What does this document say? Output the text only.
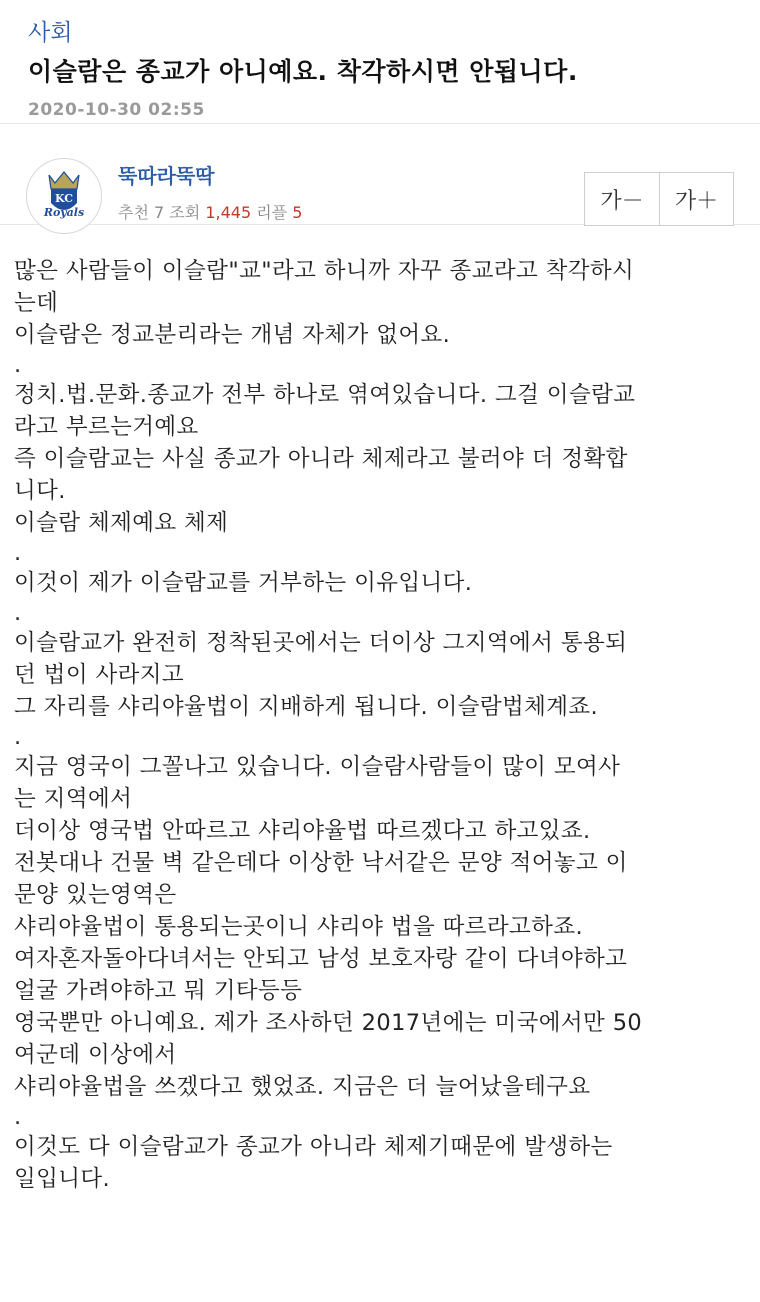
사회
이슬람은 종교가 아니예요. 착각하시면 안됩니다.
2020-10-30 02:55
KC
Royals
뚝따라뚝딱
추천 7 조회 1,445 리플 5	가－	가＋
많은 사람들이 이슬람"교"라고 하니까 자꾸 종교라고 착각하시
는데
이슬람은 정교분리라는 개념 자체가 없어요.
.
정치.법.문화.종교가 전부 하나로 엮여있습니다. 그걸 이슬람교
라고 부르는거예요
즉 이슬람교는 사실 종교가 아니라 체제라고 불러야 더 정확합
니다.
이슬람 체제예요 체제
.
이것이 제가 이슬람교를 거부하는 이유입니다.
.
이슬람교가 완전히 정착된곳에서는 더이상 그지역에서 통용되
던 법이 사라지고
그 자리를 샤리야율법이 지배하게 됩니다. 이슬람법체계죠.
.
지금 영국이 그꼴나고 있습니다. 이슬람사람들이 많이 모여사
는 지역에서
더이상 영국법 안따르고 샤리야율법 따르겠다고 하고있죠.
전봇대나 건물 벽 같은데다 이상한 낙서같은 문양 적어놓고 이
문양 있는영역은
샤리야율법이 통용되는곳이니 샤리야 법을 따르라고하죠.
여자혼자돌아다녀서는 안되고 남성 보호자랑 같이 다녀야하고
얼굴 가려야하고 뭐 기타등등
영국뿐만 아니예요. 제가 조사하던 2017년에는 미국에서만 50
여군데 이상에서
샤리야율법을 쓰겠다고 했었죠. 지금은 더 늘어났을테구요
.
이것도 다 이슬람교가 종교가 아니라 체제기때문에 발생하는
일입니다.
